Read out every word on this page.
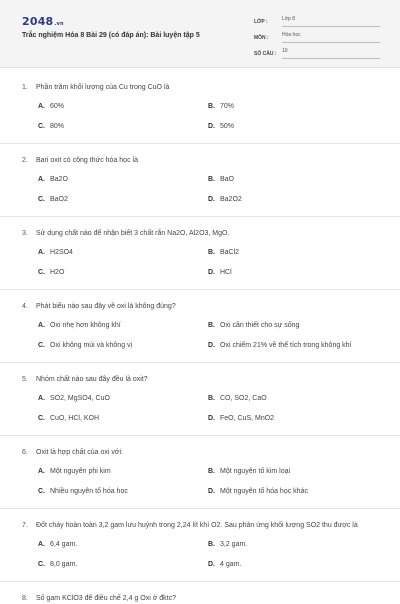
2048.vn
Trắc nghiệm Hóa 8 Bài 29 (có đáp án): Bài luyện tập 5
LỚP :	Lớp 8
MÔN :	Hóa học
SỐ CÂU :	10
1.	Phần trăm khối lượng của Cu trong CuO là
A. 60%	B. 70%
C. 80%	D. 50%
2.	Bari oxit có công thức hóa học là
A. Ba2O	B. BaO
C. BaO2	D. Ba2O2
3.	Sử dụng chất nào để nhận biết 3 chất rắn Na2O, Al2O3, MgO.
A. H2SO4	B. BaCl2
C. H2O	D. HCl
4.	Phát biểu nào sau đây về oxi là không đúng?
A. Oxi nhẹ hơn không khí	B. Oxi cần thiết cho sự sống
C. Oxi không mùi và không vị	D. Oxi chiếm 21% về thể tích trong không khí
5.	Nhóm chất nào sau đây đều là oxit?
A. SO2, MgSO4, CuO	B. CO, SO2, CaO
C. CuO, HCl, KOH	D. FeO, CuS, MnO2
6.	Oxit là hợp chất của oxi với:
A. Một nguyên phi kim	B. Một nguyên tố kim loại
C. Nhiều nguyên tố hóa học	D. Một nguyên tố hóa học khác
7.	Đốt cháy hoàn toàn 3,2 gam lưu huỳnh trong 2,24 lít khí O2. Sau phản ứng khối lượng SO2 thu được là
A. 6,4 gam.	B. 3,2 gam.
C. 8,0 gam.	D. 4 gam.
8.	Số gam KClO3 để điều chế 2,4 g Oxi ở đktc?
